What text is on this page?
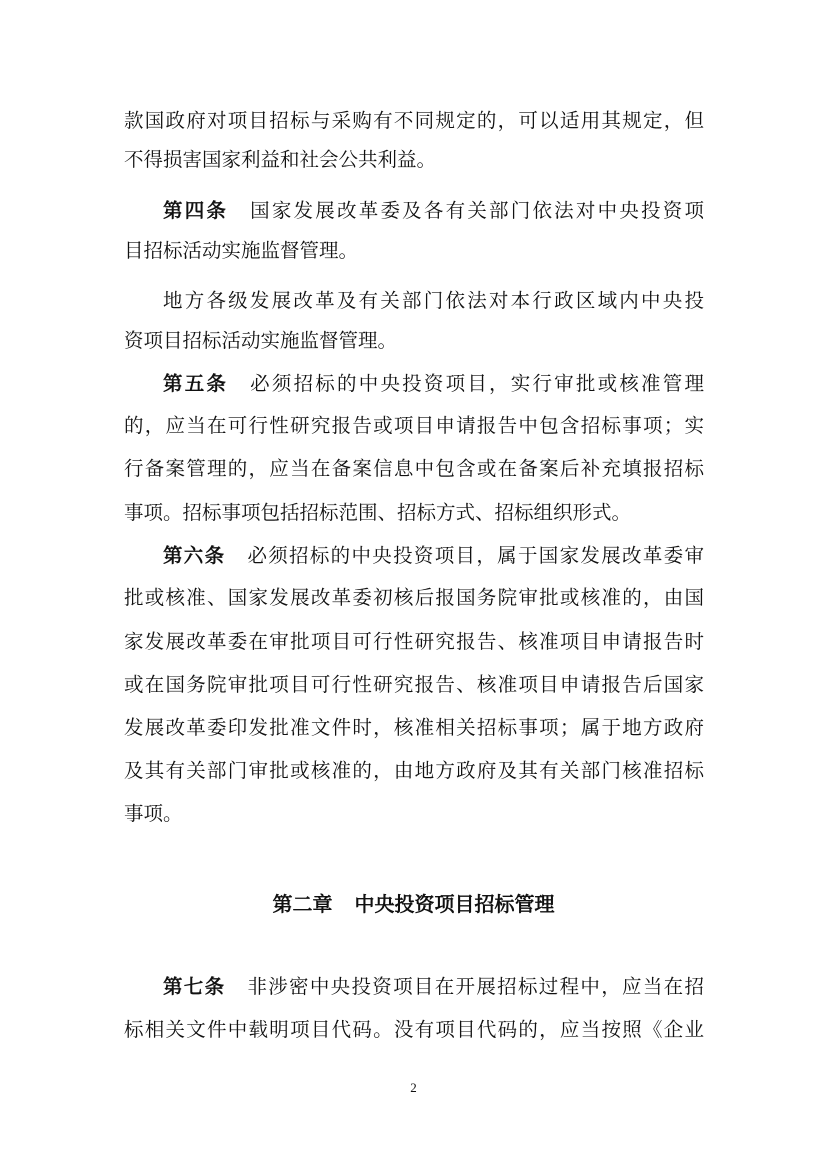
款国政府对项目招标与采购有不同规定的，可以适用其规定，但
不得损害国家利益和社会公共利益。
第四条 国家发展改革委及各有关部门依法对中央投资项
目招标活动实施监督管理。
地方各级发展改革及有关部门依法对本行政区域内中央投
资项目招标活动实施监督管理。
第五条 必须招标的中央投资项目，实行审批或核准管理
的，应当在可行性研究报告或项目申请报告中包含招标事项；实
行备案管理的，应当在备案信息中包含或在备案后补充填报招标
事项。招标事项包括招标范围、招标方式、招标组织形式。
第六条 必须招标的中央投资项目，属于国家发展改革委审
批或核准、国家发展改革委初核后报国务院审批或核准的，由国
家发展改革委在审批项目可行性研究报告、核准项目申请报告时
或在国务院审批项目可行性研究报告、核准项目申请报告后国家
发展改革委印发批准文件时，核准相关招标事项；属于地方政府
及其有关部门审批或核准的，由地方政府及其有关部门核准招标
事项。
第二章 中央投资项目招标管理
第七条 非涉密中央投资项目在开展招标过程中，应当在招
标相关文件中载明项目代码。没有项目代码的，应当按照《企业
2
